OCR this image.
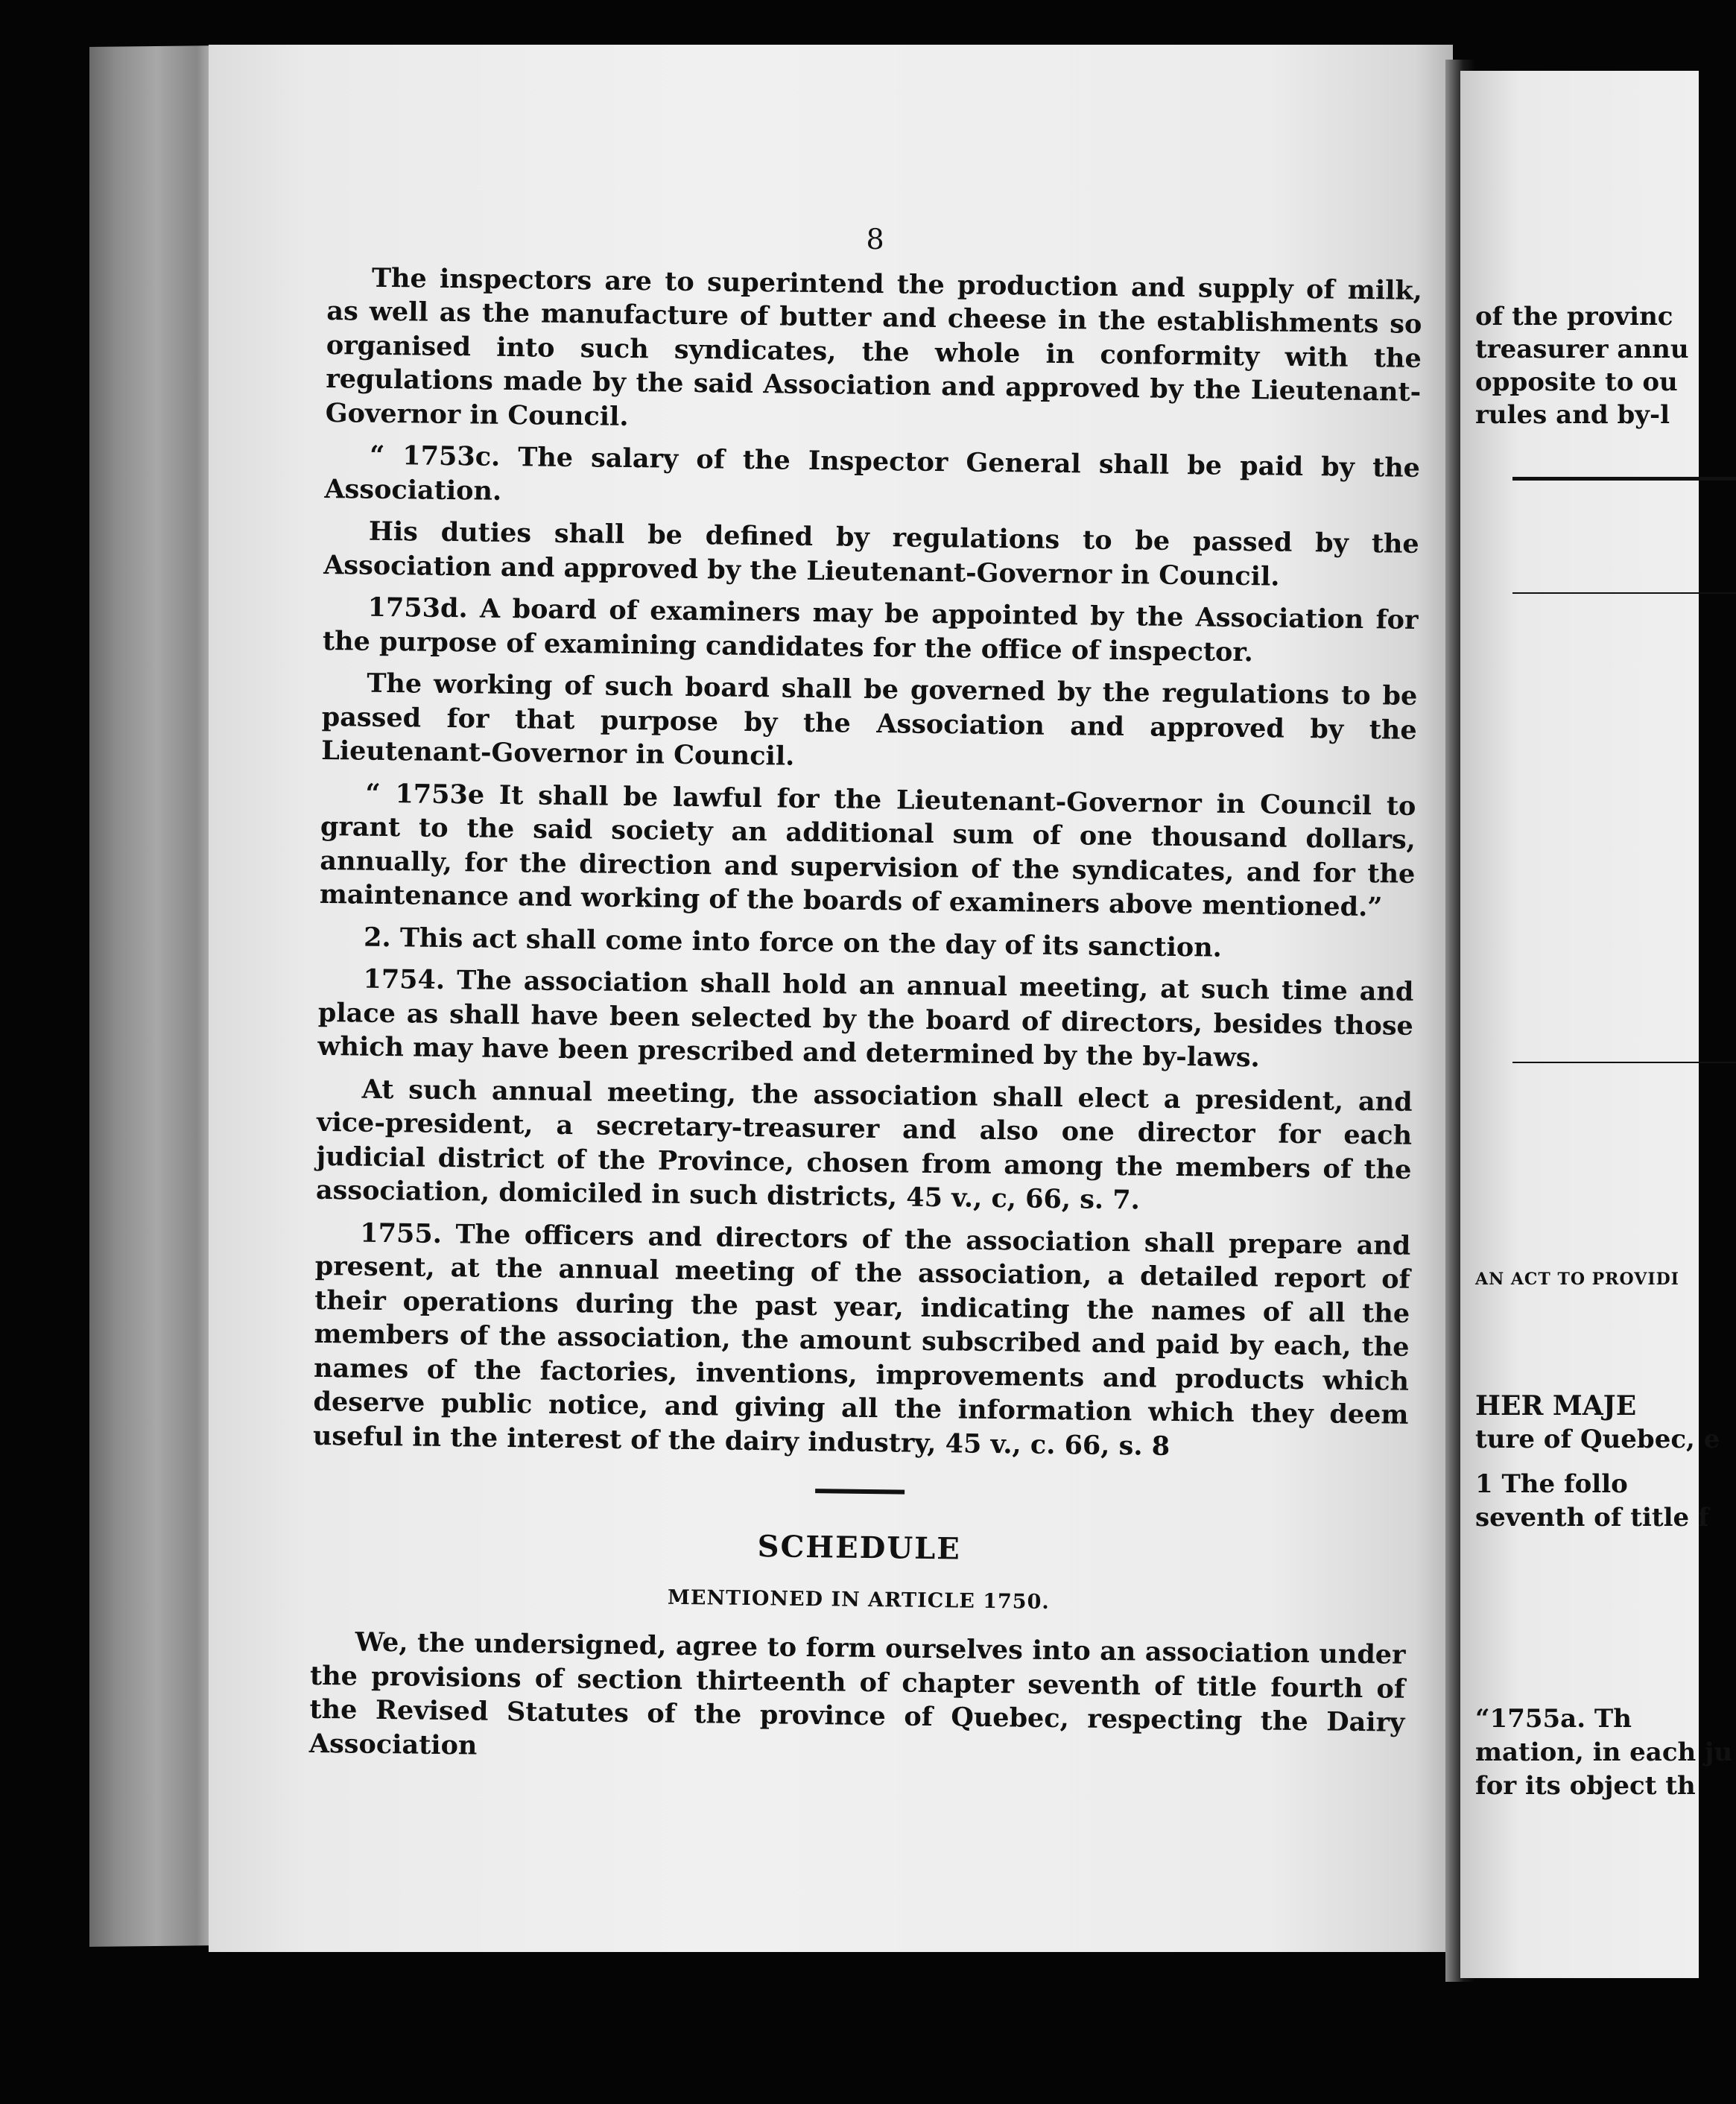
8

The inspectors are to superintend the production and supply of milk, as well as the manufacture of butter and cheese in the establishments so organised into such syndicates, the whole in conformity with the regulations made by the said Association and approved by the Lieutenant-Governor in Council.

“ 1753c. The salary of the Inspector General shall be paid by the Association.

His duties shall be defined by regulations to be passed by the Association and approved by the Lieutenant-Governor in Council.

1753d. A board of examiners may be appointed by the Association for the purpose of examining candidates for the office of inspector.

The working of such board shall be governed by the regulations to be passed for that purpose by the Association and approved by the Lieutenant-Governor in Council.

“ 1753e It shall be lawful for the Lieutenant-Governor in Council to grant to the said society an additional sum of one thousand dollars, annually, for the direction and supervision of the syndicates, and for the maintenance and working of the boards of examiners above mentioned.”

2. This act shall come into force on the day of its sanction.

1754. The association shall hold an annual meeting, at such time and place as shall have been selected by the board of directors, besides those which may have been prescribed and determined by the by-laws.

At such annual meeting, the association shall elect a president, and vice-president, a secretary-treasurer and also one director for each judicial district of the Province, chosen from among the members of the association, domiciled in such districts, 45 v., c, 66, s. 7.

1755. The officers and directors of the association shall prepare and present, at the annual meeting of the association, a detailed report of their operations during the past year, indicating the names of all the members of the association, the amount subscribed and paid by each, the names of the factories, inventions, improvements and products which deserve public notice, and giving all the information which they deem useful in the interest of the dairy industry, 45 v., c. 66, s. 8

SCHEDULE
MENTIONED IN ARTICLE 1750.

We, the undersigned, agree to form ourselves into an association under the provisions of section thirteenth of chapter seventh of title fourth of the Revised Statutes of the province of Quebec, respecting the Dairy Association

of the provinc
treasurer annu
opposite to ou
rules and by-l
AN ACT TO PROVIDI
HER MAJE
ture of Quebec, e
1 The follo
seventh of title f
“1755a. Th
mation, in each ju
for its object th
